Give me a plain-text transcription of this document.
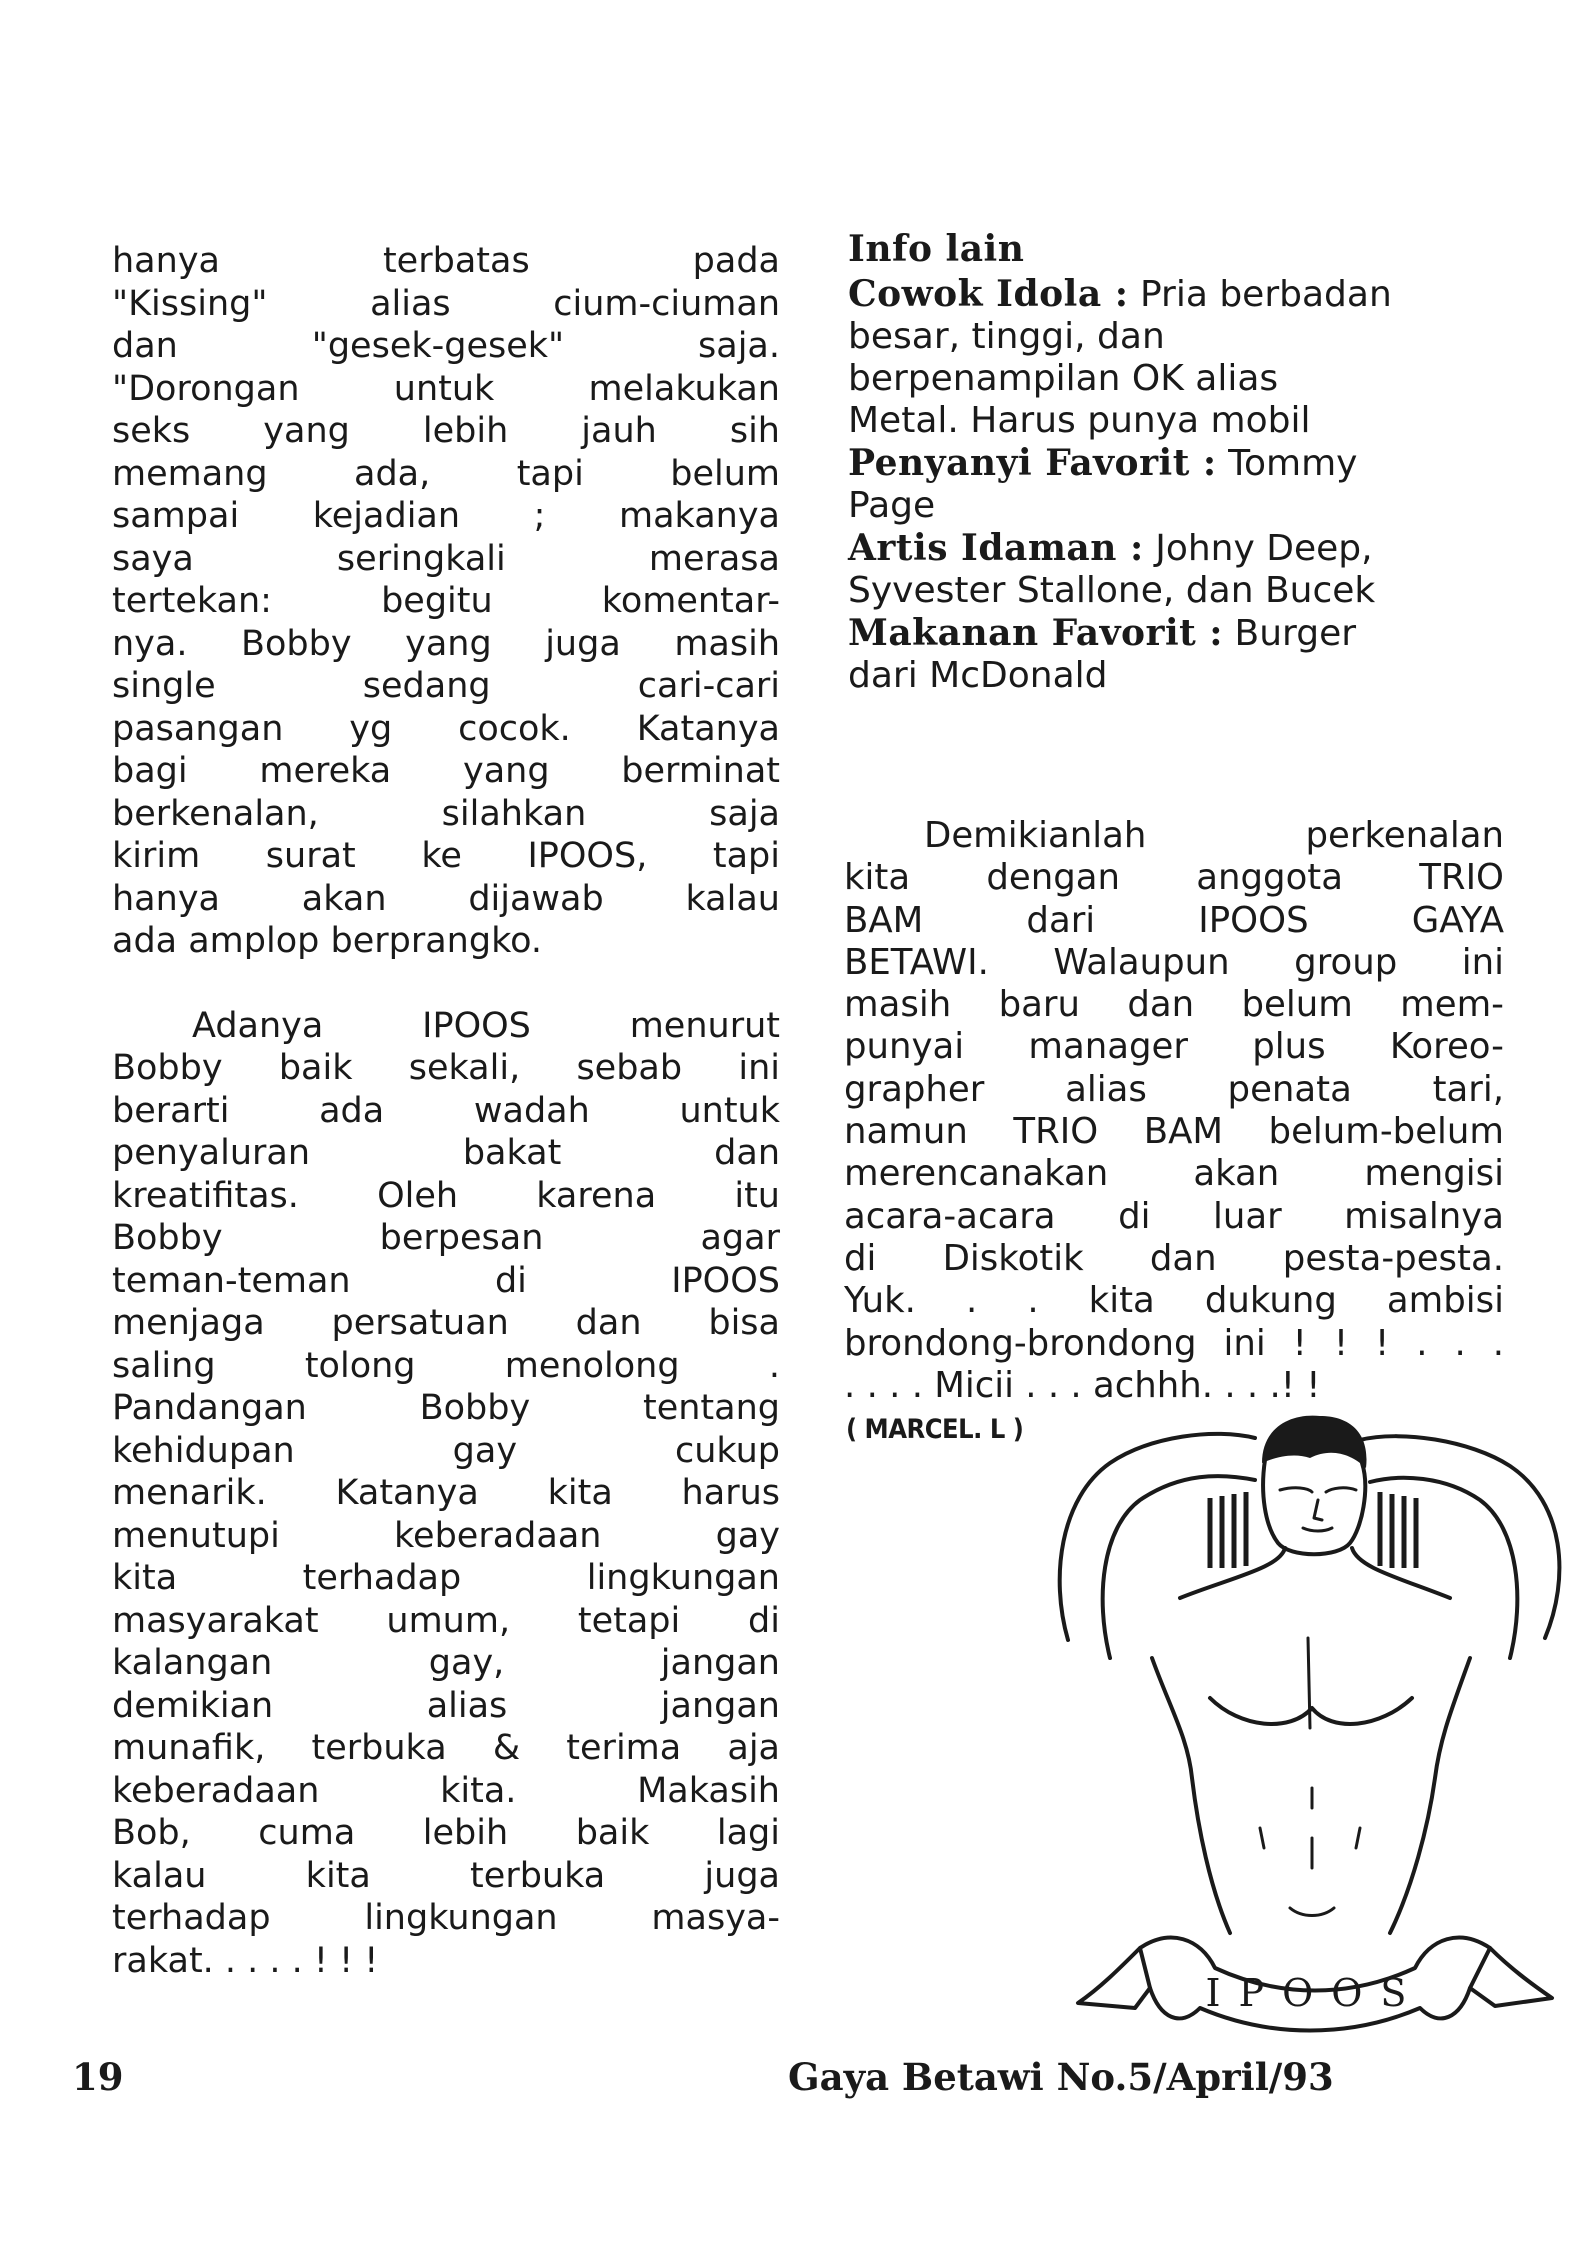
hanya terbatas pada

"Kissing" alias cium-ciuman

dan "gesek-gesek" saja.

"Dorongan untuk melakukan

seks yang lebih jauh sih

memang ada, tapi belum

sampai kejadian ; makanya

saya seringkali merasa

tertekan: begitu komentar-

nya. Bobby yang juga masih

single sedang cari-cari

pasangan yg cocok. Katanya

bagi mereka yang berminat

berkenalan, silahkan saja

kirim surat ke IPOOS, tapi

hanya akan dijawab kalau

ada amplop berprangko.

Adanya IPOOS menurut

Bobby baik sekali, sebab ini

berarti ada wadah untuk

penyaluran bakat dan

kreatifitas. Oleh karena itu

Bobby berpesan agar

teman-teman di IPOOS

menjaga persatuan dan bisa

saling tolong menolong .

Pandangan Bobby tentang

kehidupan gay cukup

menarik. Katanya kita harus

menutupi keberadaan gay

kita terhadap lingkungan

masyarakat umum, tetapi di

kalangan gay, jangan

demikian alias jangan

munafik, terbuka & terima aja

keberadaan kita. Makasih

Bob, cuma lebih baik lagi

kalau kita terbuka juga

terhadap lingkungan masya-

rakat. . . . . ! ! !

Info lain

Cowok Idola : Pria berbadan

besar, tinggi, dan

berpenampilan OK alias

Metal. Harus punya mobil

Penyanyi Favorit : Tommy

Page

Artis Idaman : Johny Deep,

Syvester Stallone, dan Bucek

Makanan Favorit : Burger

dari McDonald

Demikianlah perkenalan

kita dengan anggota TRIO

BAM dari IPOOS GAYA

BETAWI. Walaupun group ini

masih baru dan belum mem-

punyai manager plus Koreo-

grapher alias penata tari,

namun TRIO BAM belum-belum

merencanakan akan mengisi

acara-acara di luar misalnya

di Diskotik dan pesta-pesta.

Yuk. . . kita dukung ambisi

brondong-brondong ini ! ! ! . . .

. . . . Micii . . . achhh. . . .! !

( MARCEL. L )
IPOOS
19	Gaya Betawi No.5/April/93
